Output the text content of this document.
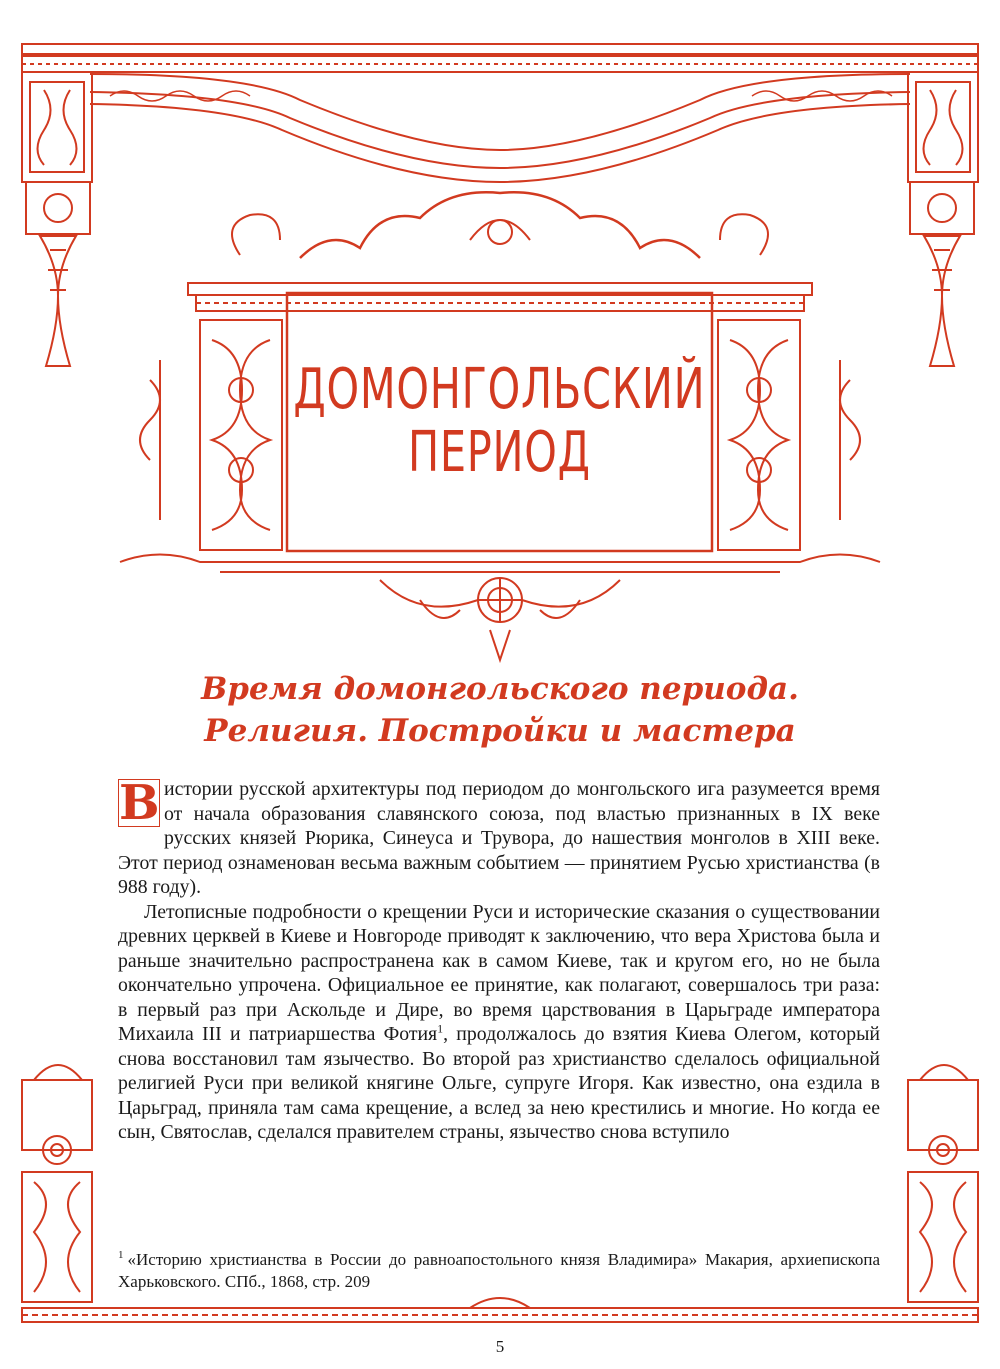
ДОМОНГОЛЬСКИЙ
ПЕРИОД
Время домонгольского периода.
Религия. Постройки и мастера

В истории русской архитектуры под периодом до монгольского ига разумеется время от начала образования славянского союза, под властью признанных в IX веке русских князей Рюрика, Синеуса и Трувора, до нашествия монголов в XIII веке. Этот период ознаменован весьма важным событием — принятием Русью христианства (в 988 году).

Летописные подробности о крещении Руси и исторические сказания о существовании древних церквей в Киеве и Новгороде приводят к заключению, что вера Христова была и раньше значительно распространена как в самом Киеве, так и кругом его, но не была окончательно упрочена. Официальное ее принятие, как полагают, совершалось три раза: в первый раз при Аскольде и Дире, во время царствования в Царьграде императора Михаила III и патриаршества Фотия$^1$, продолжалось до взятия Киева Олегом, который снова восстановил там язычество. Во второй раз христианство сделалось официальной религией Руси при великой княгине Ольге, супруге Игоря. Как известно, она ездила в Царьград, приняла там сама крещение, а вслед за нею крестились и многие. Но когда ее сын, Святослав, сделался правителем страны, язычество снова вступило

$^1$ «Историю христианства в России до равноапостольного князя Владимира» Макария, архиепископа Харьковского. СПб., 1868, стр. 209
5
